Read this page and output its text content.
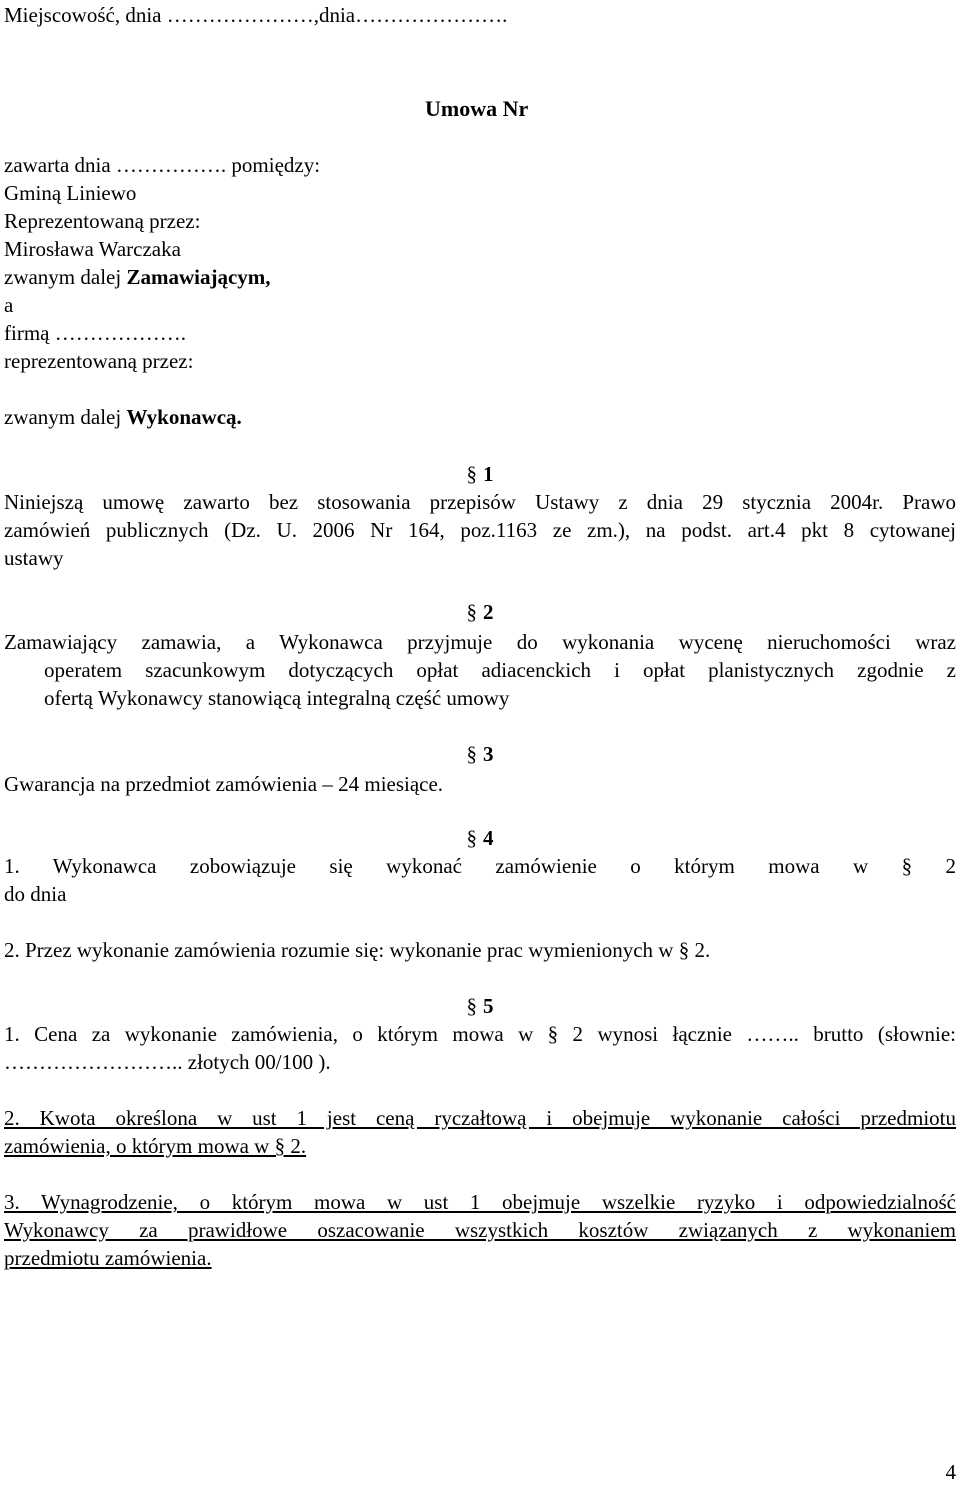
Miejscowość, dnia …………………,dnia………………….
Umowa Nr
zawarta dnia ……………. pomiędzy:
Gminą Liniewo
Reprezentowaną przez:
Mirosława Warczaka
zwanym dalej Zamawiającym,
a
firmą ……………….
reprezentowaną przez:
zwanym dalej Wykonawcą.
§ 1
Niniejszą umowę zawarto bez stosowania przepisów Ustawy z dnia 29 stycznia 2004r. Prawo
zamówień publicznych (Dz. U. 2006 Nr 164, poz.1163 ze zm.), na podst. art.4 pkt 8 cytowanej
ustawy
§ 2
Zamawiający zamawia, a Wykonawca przyjmuje do wykonania wycenę nieruchomości wraz
operatem szacunkowym dotyczących opłat adiacenckich i opłat planistycznych zgodnie z
ofertą Wykonawcy stanowiącą integralną część umowy
§ 3
Gwarancja na przedmiot zamówienia – 24 miesiące.
§ 4
1. Wykonawca zobowiązuje się wykonać zamówienie o którym mowa w § 2
do dnia
2. Przez wykonanie zamówienia rozumie się: wykonanie prac wymienionych w § 2.
§ 5
1. Cena za wykonanie zamówienia, o którym mowa w § 2 wynosi łącznie …….. brutto (słownie:
…………………….. złotych 00/100 ).
2. Kwota określona w ust 1 jest ceną ryczałtową i obejmuje wykonanie całości przedmiotu
zamówienia, o którym mowa w § 2.
3. Wynagrodzenie, o którym mowa w ust 1 obejmuje wszelkie ryzyko i odpowiedzialność
Wykonawcy za prawidłowe oszacowanie wszystkich kosztów związanych z wykonaniem
przedmiotu zamówienia.
4
